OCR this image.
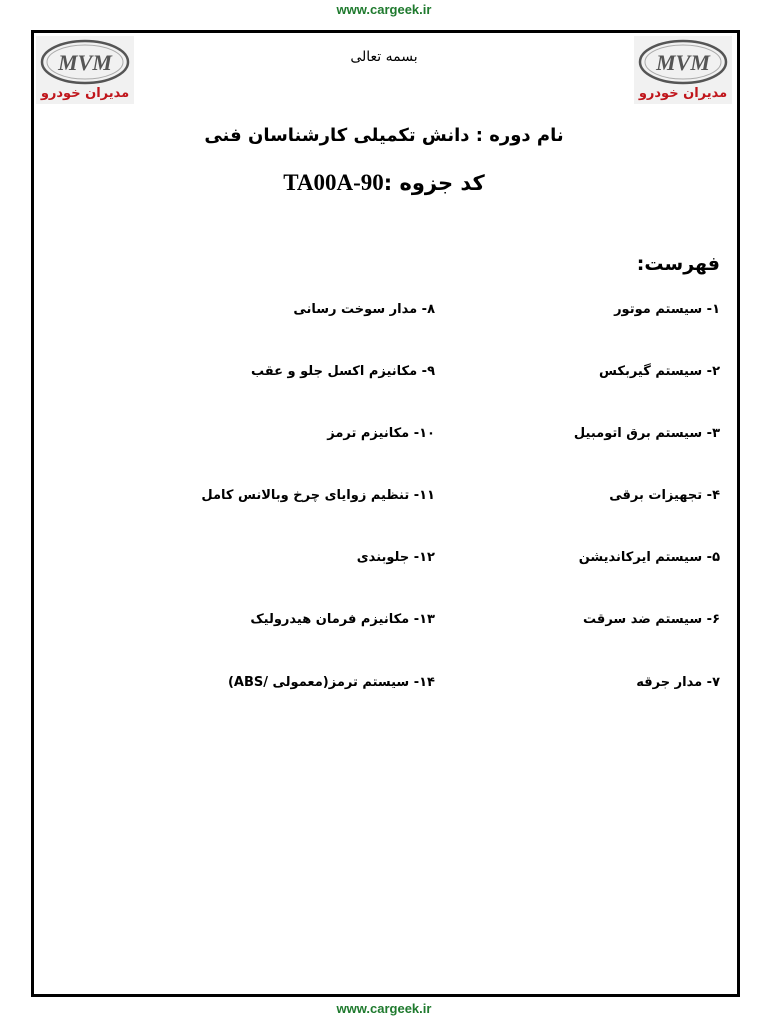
www.cargeek.ir
MVM
مدیران خودرو
MVM
مدیران خودرو
بسمه تعالی
نام دوره : دانش تکمیلی کارشناسان فنی
کد جزوه :TA00A-90
فهرست:
۱- سیستم موتور
۲- سیستم گیربکس
۳- سیستم برق اتومبیل
۴- تجهیزات برقی
۵- سیستم ایرکاندیشن
۶- سیستم ضد سرقت
۷- مدار جرقه
۸- مدار سوخت رسانی
۹- مکانیزم اکسل جلو و عقب
۱۰- مکانیزم ترمز
۱۱- تنظیم زوایای چرخ وبالانس کامل
۱۲- جلوبندی
۱۳- مکانیزم فرمان هیدرولیک
۱۴- سیستم ترمز(معمولی /ABS)
www.cargeek.ir
